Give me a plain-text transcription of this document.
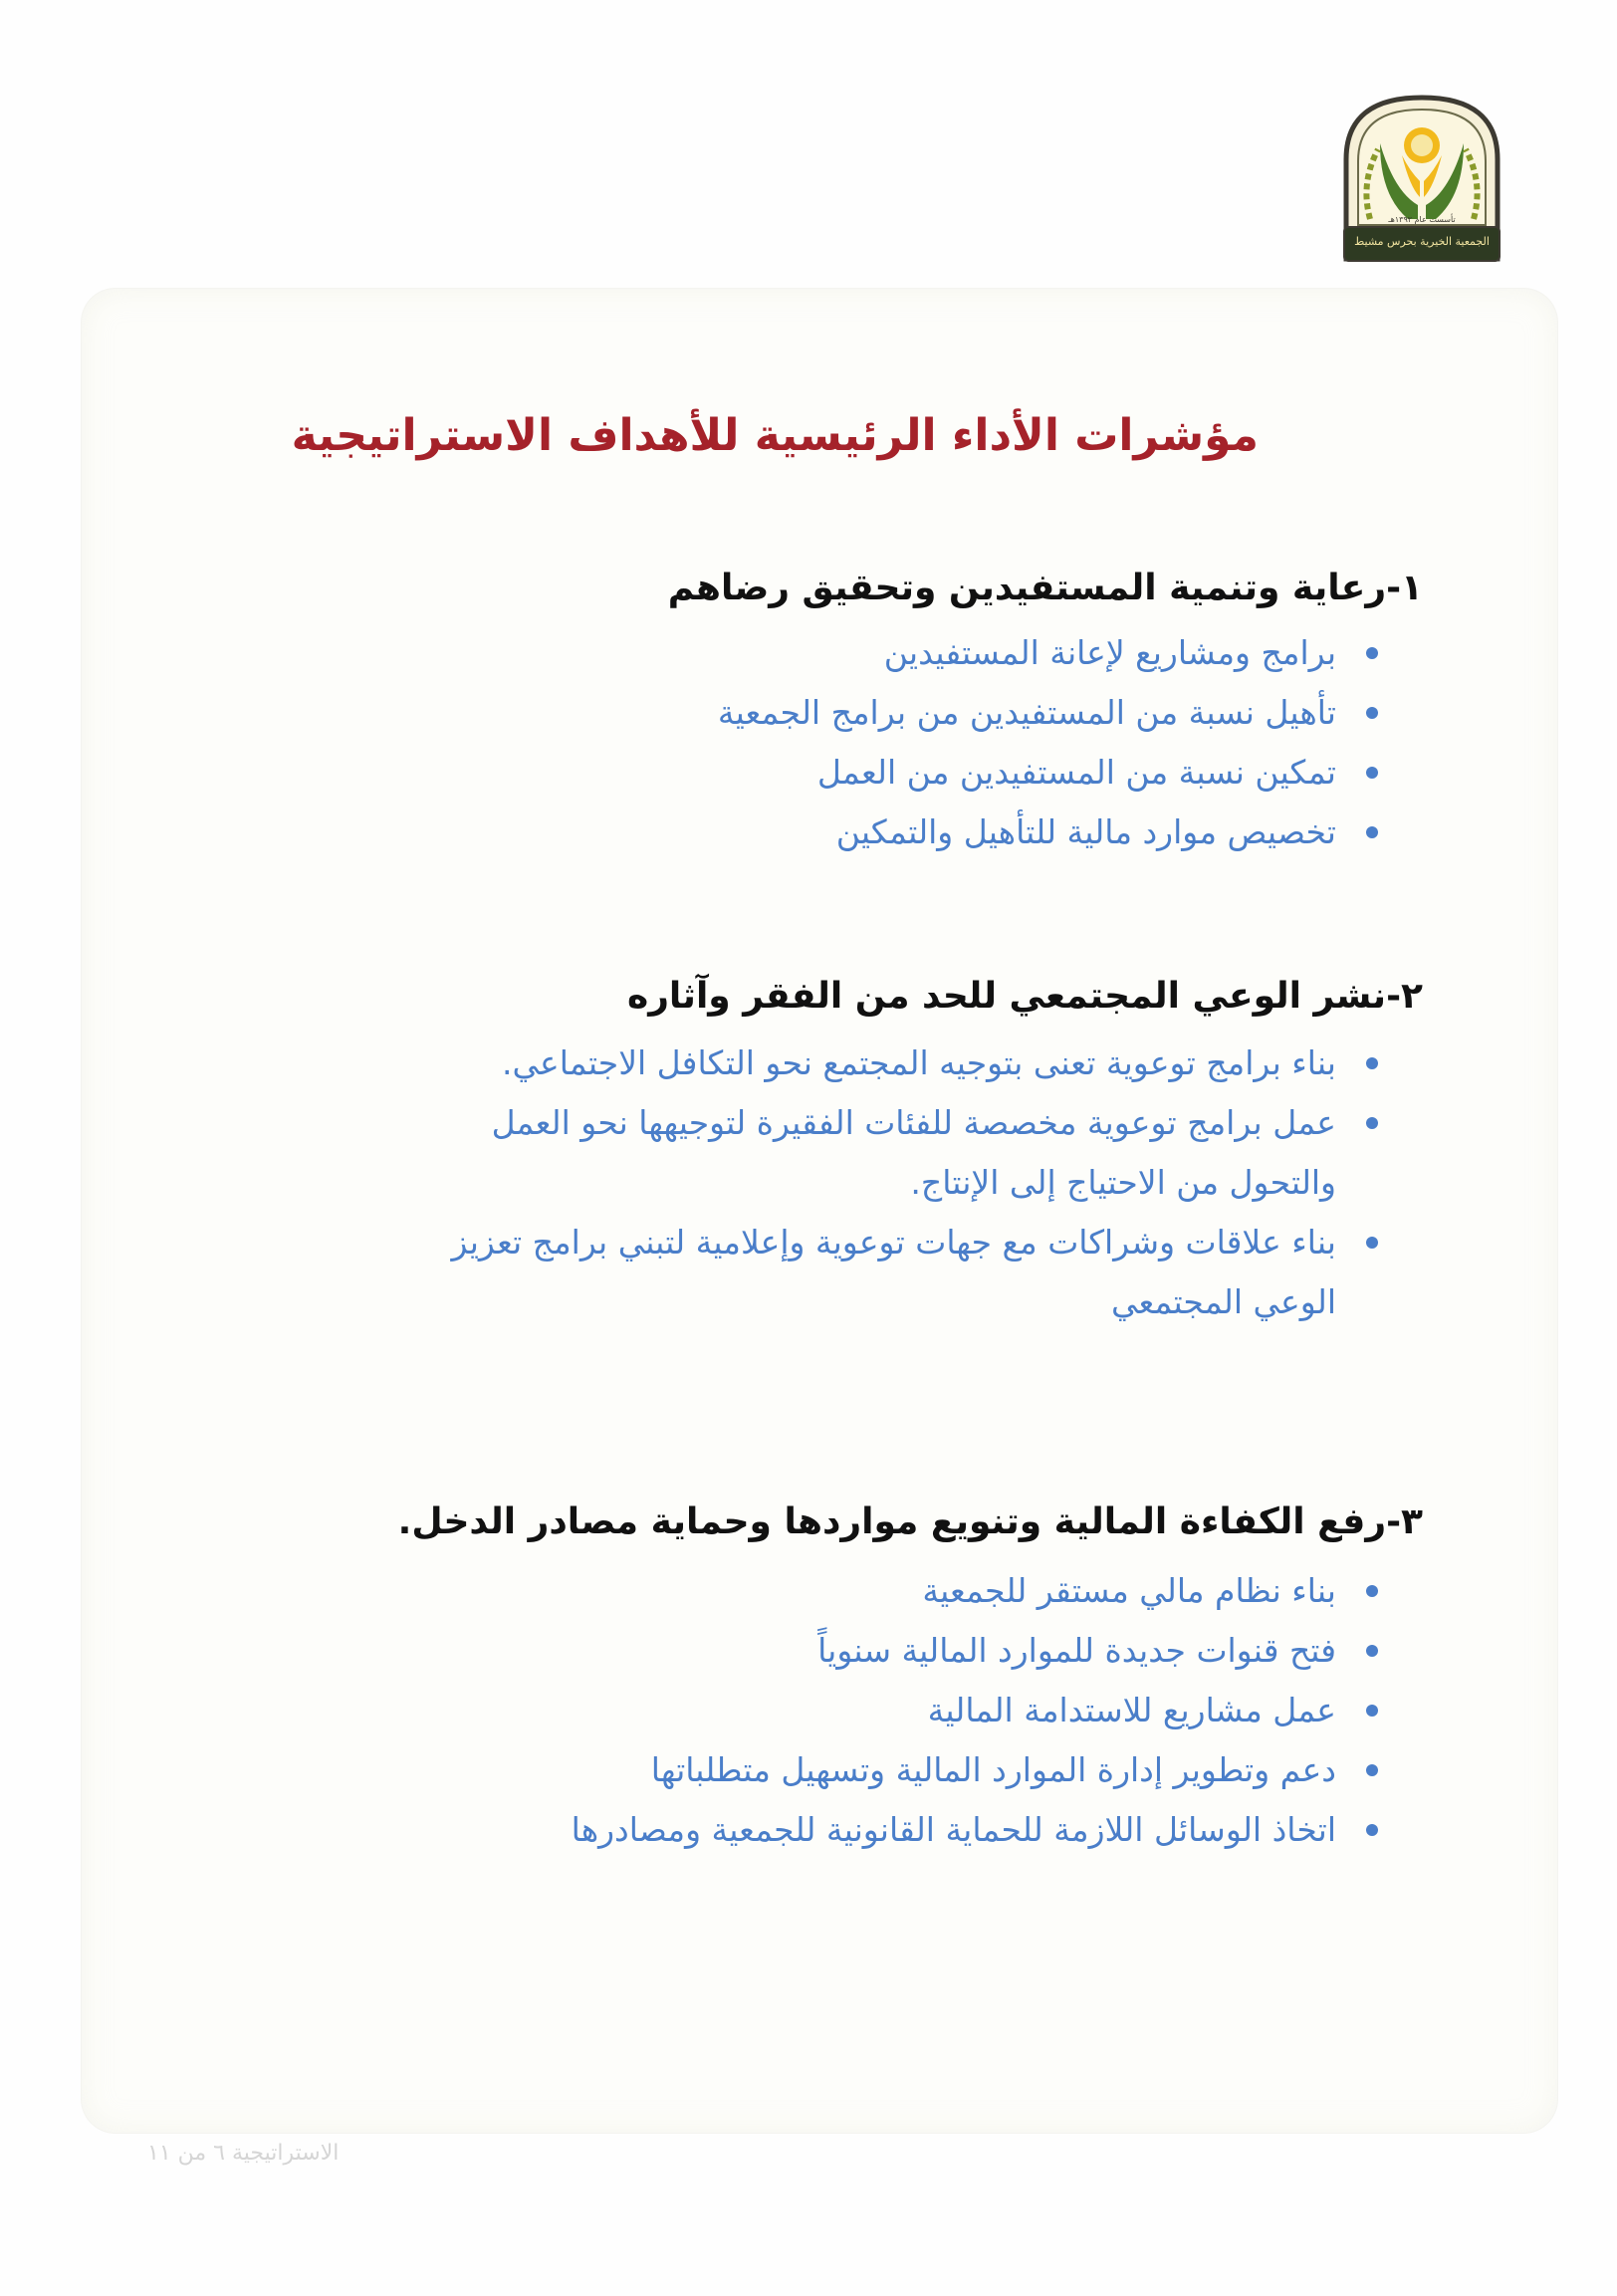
تأسست عام ١٣٩٢هـ
الجمعية الخيرية بحرس مشيط
مؤشرات الأداء الرئيسية للأهداف الاستراتيجية
١-رعاية وتنمية المستفيدين وتحقيق رضاهم
برامج ومشاريع لإعانة المستفيدين
تأهيل نسبة من المستفيدين من برامج الجمعية
تمكين نسبة من المستفيدين من العمل
تخصيص موارد مالية للتأهيل والتمكين
٢-نشر الوعي المجتمعي للحد من الفقر وآثاره
بناء برامج توعوية تعنى بتوجيه المجتمع نحو التكافل الاجتماعي.
عمل برامج توعوية مخصصة للفئات الفقيرة لتوجيهها نحو العمل والتحول من الاحتياج إلى الإنتاج.
بناء علاقات وشراكات مع جهات توعوية وإعلامية لتبني برامج تعزيز الوعي المجتمعي
٣-رفع الكفاءة المالية وتنويع مواردها وحماية مصادر الدخل.
بناء نظام مالي مستقر للجمعية
فتح قنوات جديدة للموارد المالية سنوياً
عمل مشاريع للاستدامة المالية
دعم وتطوير إدارة الموارد المالية وتسهيل متطلباتها
اتخاذ الوسائل اللازمة للحماية القانونية للجمعية ومصادرها
الاستراتيجية ٦ من ١١
